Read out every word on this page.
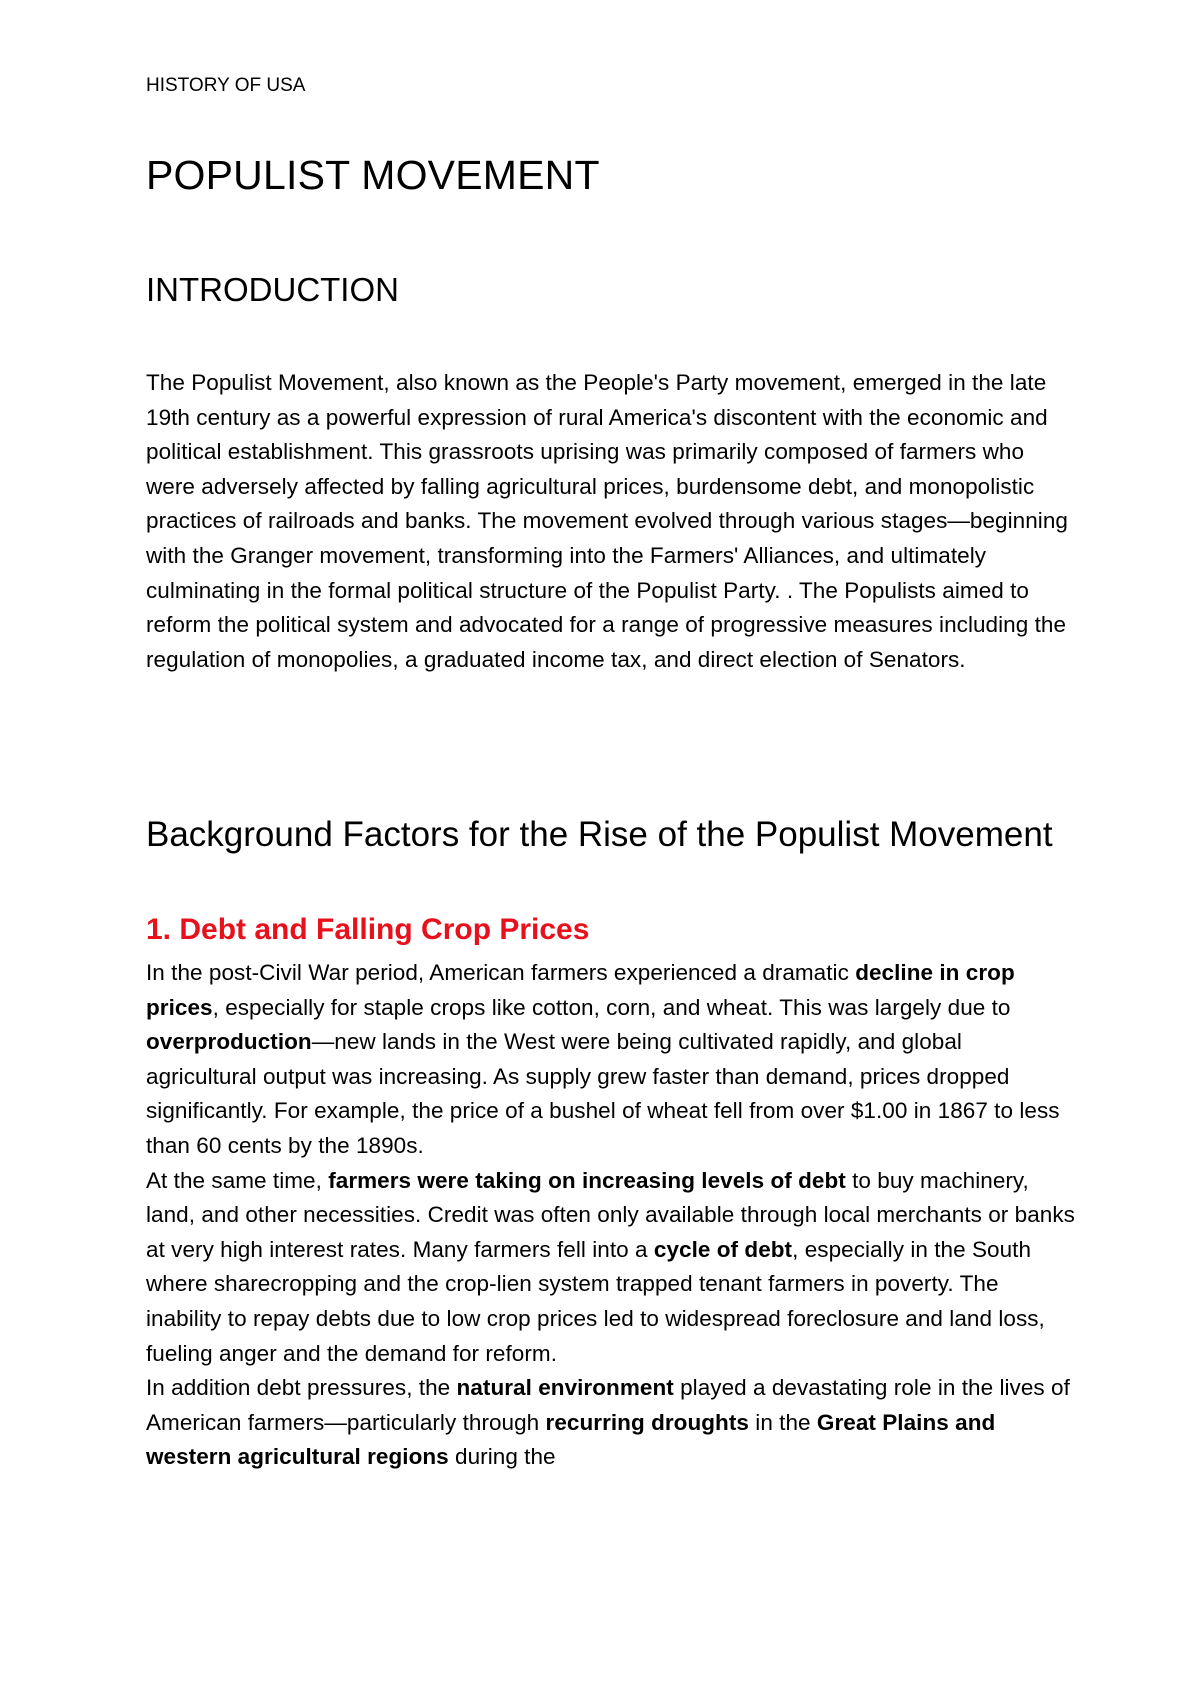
HISTORY OF USA

POPULIST MOVEMENT
INTRODUCTION

The Populist Movement, also known as the People's Party movement, emerged in the late 19th century as a powerful expression of rural America's discontent with the economic and political establishment. This grassroots uprising was primarily composed of farmers who were adversely affected by falling agricultural prices, burdensome debt, and monopolistic practices of railroads and banks. The movement evolved through various stages—beginning with the Granger movement, transforming into the Farmers' Alliances, and ultimately culminating in the formal political structure of the Populist Party. . The Populists aimed to reform the political system and advocated for a range of progressive measures including the regulation of monopolies, a graduated income tax, and direct election of Senators.

Background Factors for the Rise of the Populist Movement
1. Debt and Falling Crop Prices

In the post-Civil War period, American farmers experienced a dramatic decline in crop prices, especially for staple crops like cotton, corn, and wheat. This was largely due to overproduction—new lands in the West were being cultivated rapidly, and global agricultural output was increasing. As supply grew faster than demand, prices dropped significantly. For example, the price of a bushel of wheat fell from over $1.00 in 1867 to less than 60 cents by the 1890s.

At the same time, farmers were taking on increasing levels of debt to buy machinery, land, and other necessities. Credit was often only available through local merchants or banks at very high interest rates. Many farmers fell into a cycle of debt, especially in the South where sharecropping and the crop-lien system trapped tenant farmers in poverty. The inability to repay debts due to low crop prices led to widespread foreclosure and land loss, fueling anger and the demand for reform.

In addition debt pressures, the natural environment played a devastating role in the lives of American farmers—particularly through recurring droughts in the Great Plains and western agricultural regions during the
